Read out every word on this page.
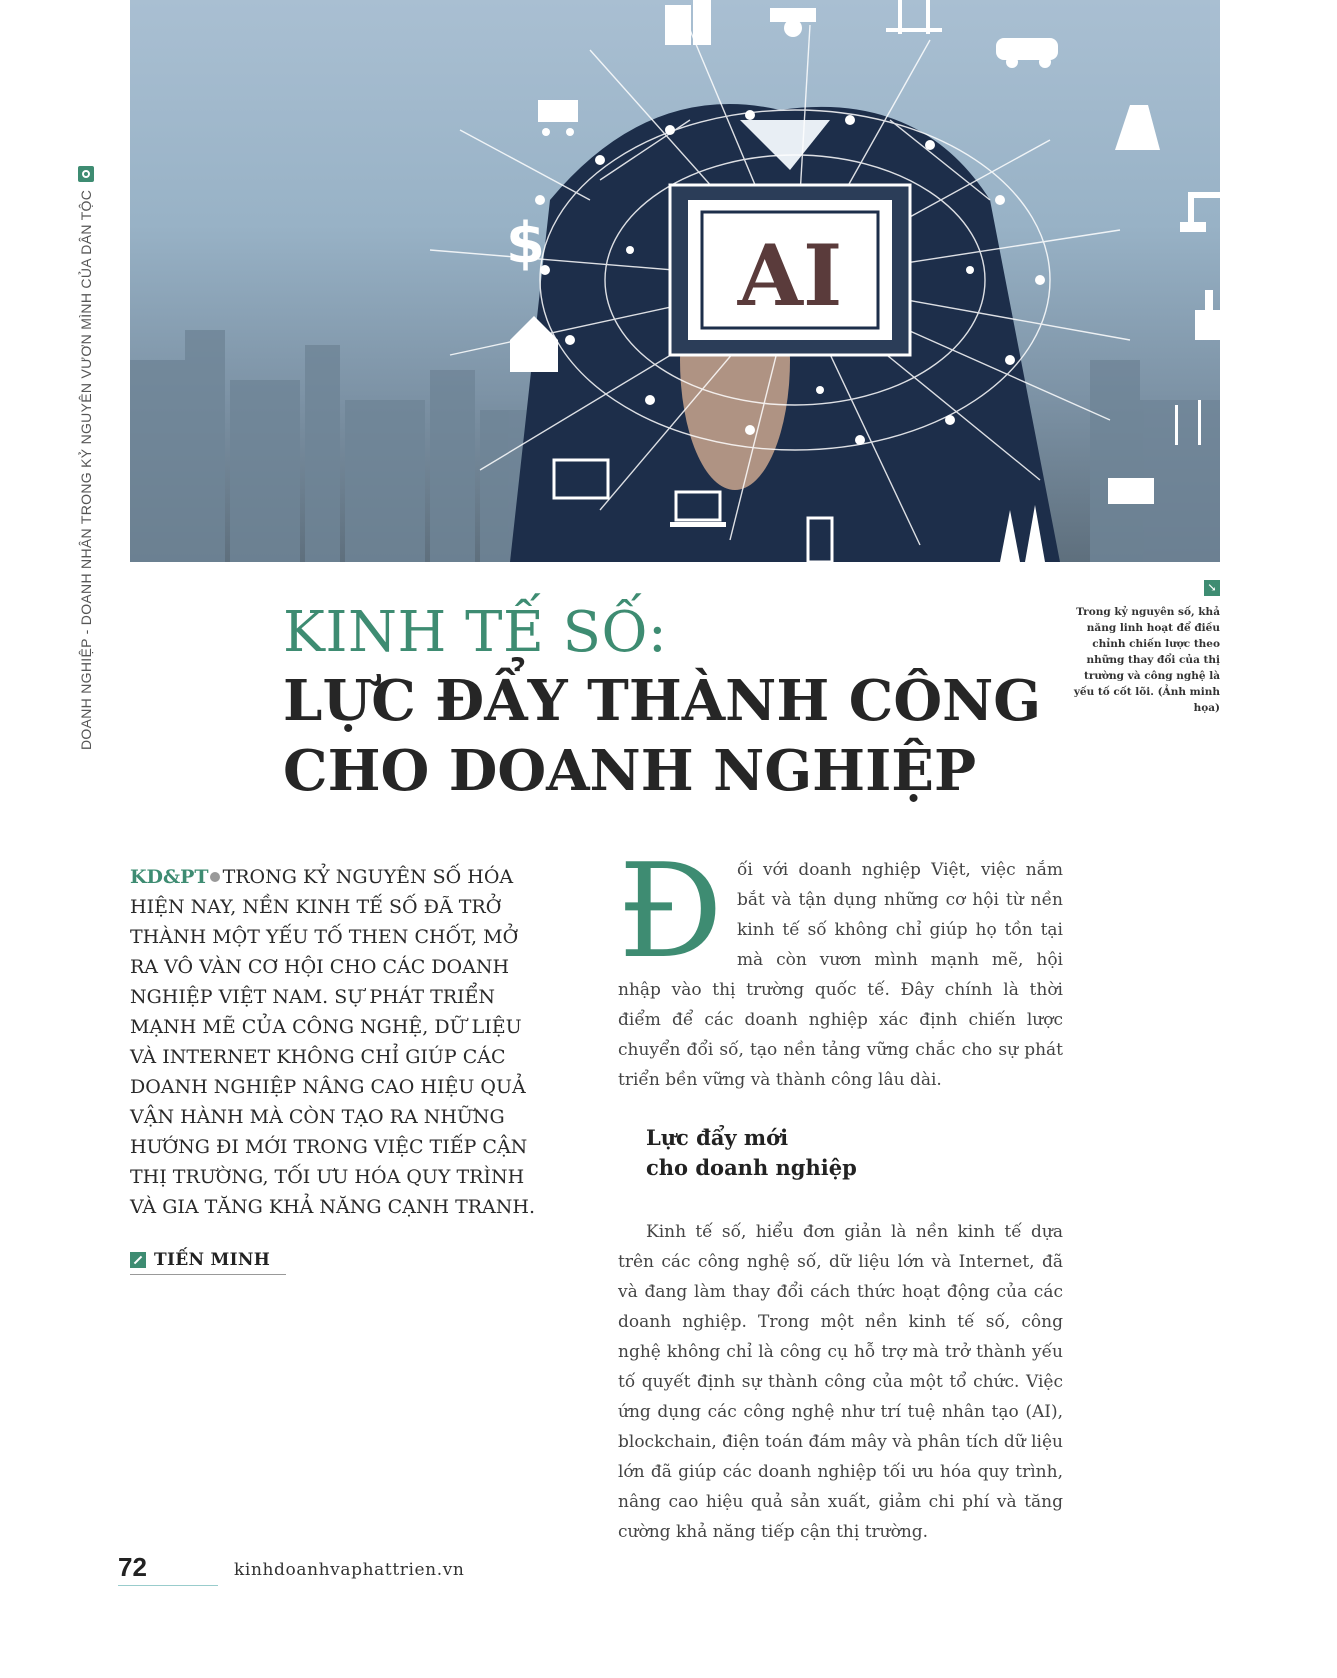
DOANH NGHIỆP - DOANH NHÂN TRONG KỶ NGUYÊN VƯƠN MÌNH CỦA DÂN TỘC	AI
$
↘
Trong kỷ nguyên số, khả năng linh hoạt để điều chỉnh chiến lược theo những thay đổi của thị trường và công nghệ là yếu tố cốt lõi. (Ảnh minh họa)
KINH TẾ SỐ:
LỰC ĐẨY THÀNH CÔNG CHO DOANH NGHIỆP
KD&PT TRONG KỶ NGUYÊN SỐ HÓA HIỆN NAY, NỀN KINH TẾ SỐ ĐÃ TRỞ THÀNH MỘT YẾU TỐ THEN CHỐT, MỞ RA VÔ VÀN CƠ HỘI CHO CÁC DOANH NGHIỆP VIỆT NAM. SỰ PHÁT TRIỂN MẠNH MẼ CỦA CÔNG NGHỆ, DỮ LIỆU VÀ INTERNET KHÔNG CHỈ GIÚP CÁC DOANH NGHIỆP NÂNG CAO HIỆU QUẢ VẬN HÀNH MÀ CÒN TẠO RA NHỮNG HƯỚNG ĐI MỚI TRONG VIỆC TIẾP CẬN THỊ TRƯỜNG, TỐI ƯU HÓA QUY TRÌNH VÀ GIA TĂNG KHẢ NĂNG CẠNH TRANH.
TIẾN MINH
Đ ối với doanh nghiệp Việt, việc nắm bắt và tận dụng những cơ hội từ nền kinh tế số không chỉ giúp họ tồn tại mà còn vươn mình mạnh mẽ, hội nhập vào thị trường quốc tế. Đây chính là thời điểm để các doanh nghiệp xác định chiến lược chuyển đổi số, tạo nền tảng vững chắc cho sự phát triển bền vững và thành công lâu dài.

Lực đẩy mới
cho doanh nghiệp

Kinh tế số, hiểu đơn giản là nền kinh tế dựa trên các công nghệ số, dữ liệu lớn và Internet, đã và đang làm thay đổi cách thức hoạt động của các doanh nghiệp. Trong một nền kinh tế số, công nghệ không chỉ là công cụ hỗ trợ mà trở thành yếu tố quyết định sự thành công của một tổ chức. Việc ứng dụng các công nghệ như trí tuệ nhân tạo (AI), blockchain, điện toán đám mây và phân tích dữ liệu lớn đã giúp các doanh nghiệp tối ưu hóa quy trình, nâng cao hiệu quả sản xuất, giảm chi phí và tăng cường khả năng tiếp cận thị trường.

72	kinhdoanhvaphattrien.vn
